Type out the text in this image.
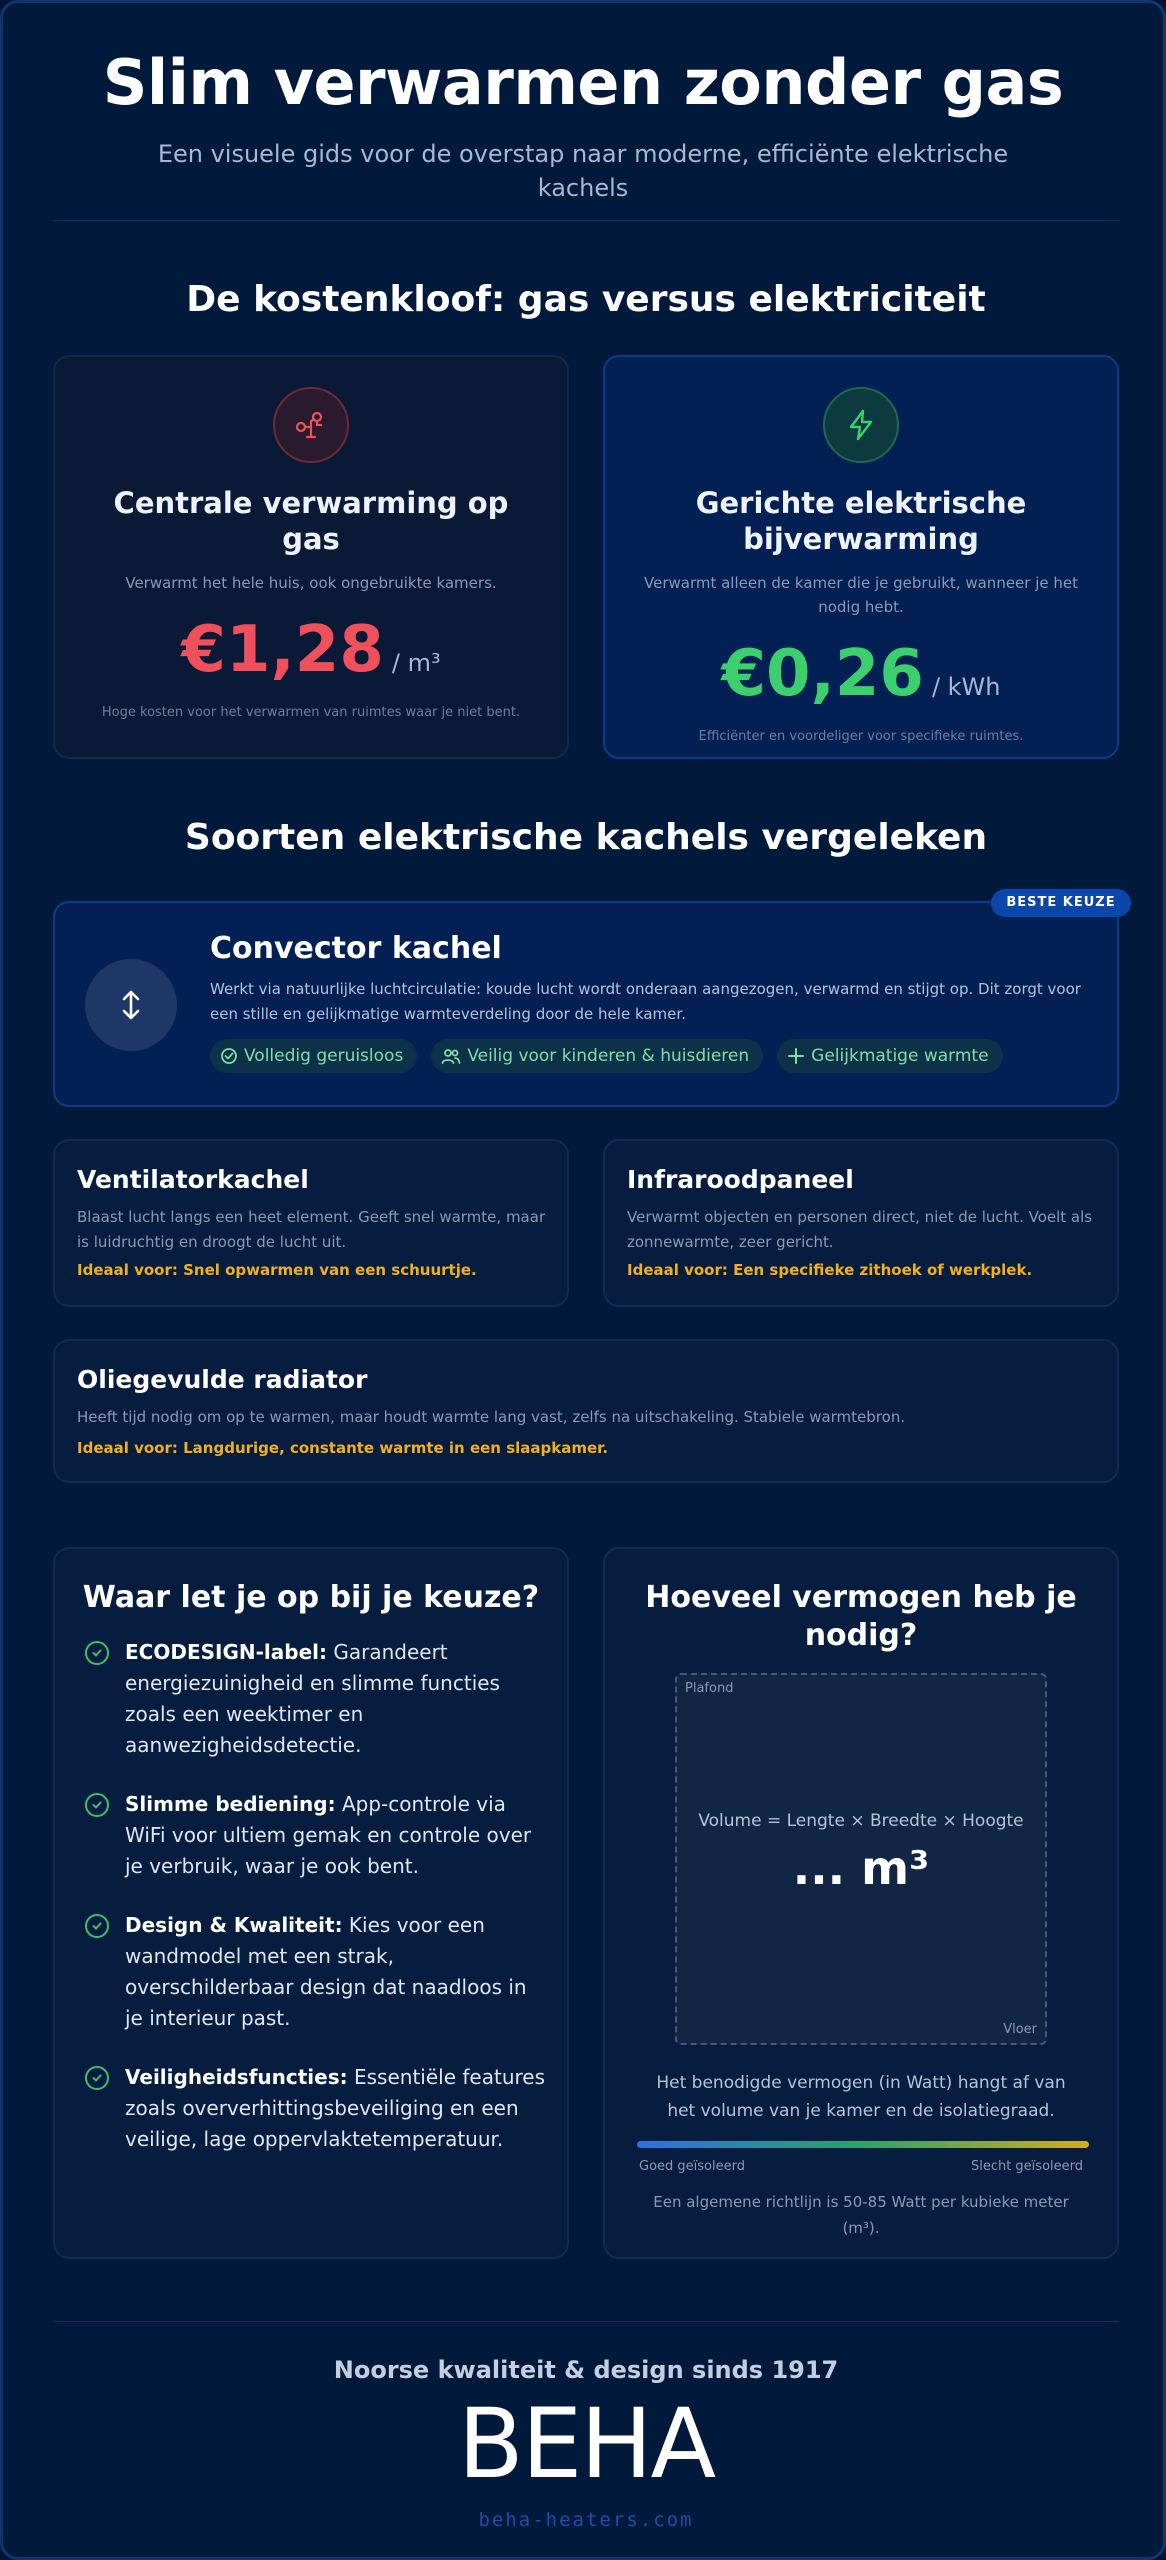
Slim verwarmen zonder gas
Een visuele gids voor de overstap naar moderne, efficiënte elektrische kachels
De kostenkloof: gas versus elektriciteit
Centrale verwarming op gas
Verwarmt het hele huis, ook ongebruikte kamers.
€1,28 / m³
Hoge kosten voor het verwarmen van ruimtes waar je niet bent.
Gerichte elektrische bijverwarming
Verwarmt alleen de kamer die je gebruikt, wanneer je het nodig hebt.
€0,26 / kWh
Efficiënter en voordeliger voor specifieke ruimtes.
Soorten elektrische kachels vergeleken
Convector kachel
Werkt via natuurlijke luchtcirculatie: koude lucht wordt onderaan aangezogen, verwarmd en stijgt op. Dit zorgt voor een stille en gelijkmatige warmteverdeling door de hele kamer.
Volledig geruisloos	Veilig voor kinderen & huisdieren	Gelijkmatige warmte
BESTE KEUZE
Ventilatorkachel
Blaast lucht langs een heet element. Geeft snel warmte, maar is luidruchtig en droogt de lucht uit.
Ideaal voor: Snel opwarmen van een schuurtje.
Infraroodpaneel
Verwarmt objecten en personen direct, niet de lucht. Voelt als zonnewarmte, zeer gericht.
Ideaal voor: Een specifieke zithoek of werkplek.
Oliegevulde radiator
Heeft tijd nodig om op te warmen, maar houdt warmte lang vast, zelfs na uitschakeling. Stabiele warmtebron.
Ideaal voor: Langdurige, constante warmte in een slaapkamer.
Waar let je op bij je keuze?
ECODESIGN-label: Garandeert energiezuinigheid en slimme functies zoals een weektimer en aanwezigheidsdetectie.
Slimme bediening: App-controle via WiFi voor ultiem gemak en controle over je verbruik, waar je ook bent.
Design & Kwaliteit: Kies voor een wandmodel met een strak, overschilderbaar design dat naadloos in je interieur past.
Veiligheidsfuncties: Essentiële features zoals oververhittingsbeveiliging en een veilige, lage oppervlaktetemperatuur.
Hoeveel vermogen heb je nodig?
Plafond
Volume = Lengte × Breedte × Hoogte
... m³
Vloer
Het benodigde vermogen (in Watt) hangt af van het volume van je kamer en de isolatiegraad.
Goed geïsoleerd	Slecht geïsoleerd
Een algemene richtlijn is 50-85 Watt per kubieke meter (m³).
Noorse kwaliteit & design sinds 1917
BEHA
beha-heaters.com
